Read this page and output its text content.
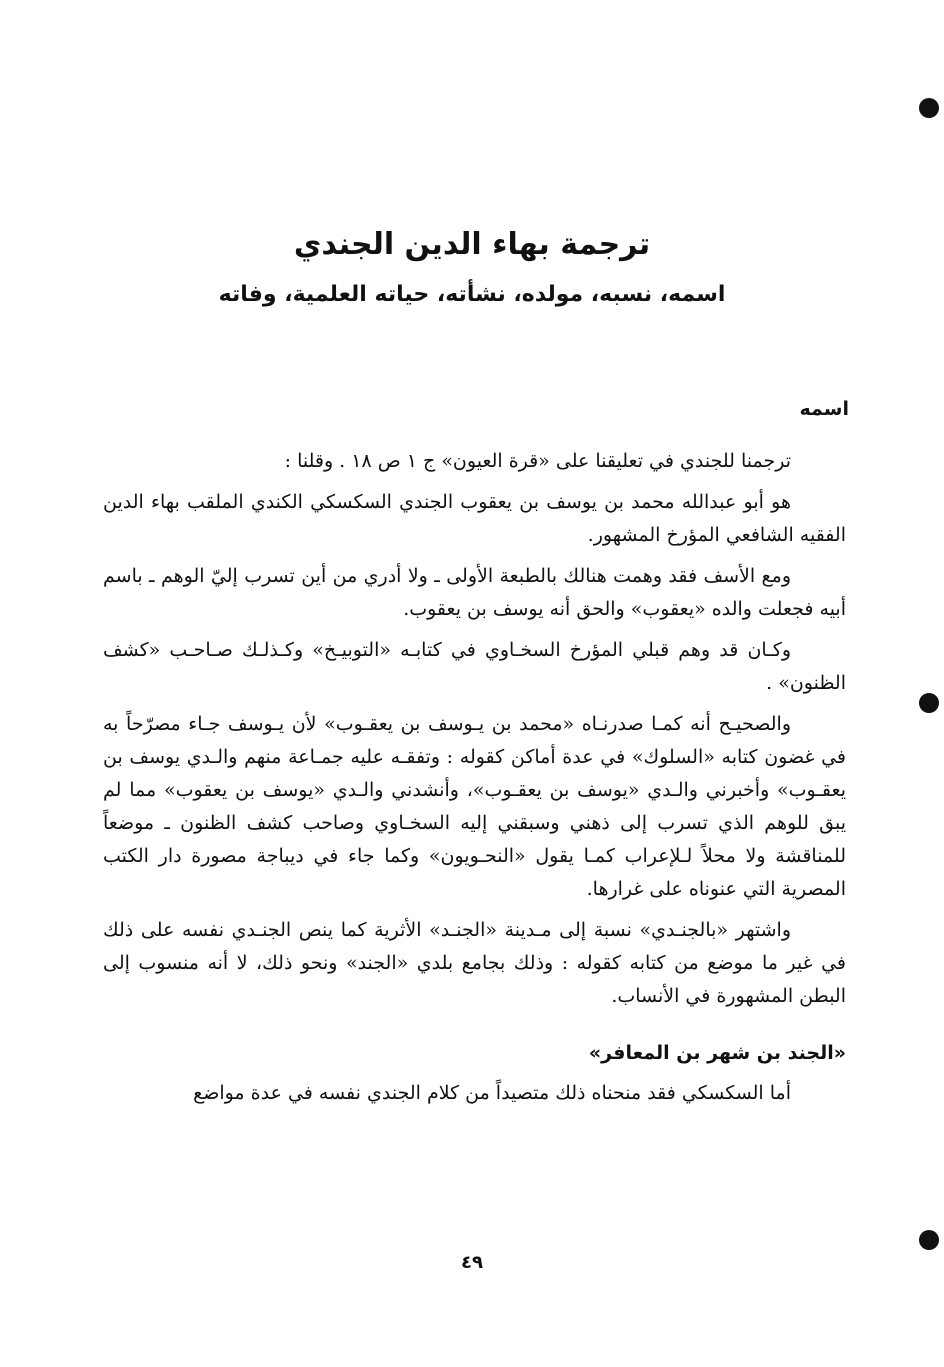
ترجمة بهاء الدين الجندي
اسمه، نسبه، مولده، نشأته، حياته العلمية، وفاته
اسمه

ترجمنا للجندي في تعليقنا على «قرة العيون» ج ١ ص ١٨ . وقلنا :

هو أبو عبدالله محمد بن يوسف بن يعقوب الجندي السكسكي الكندي الملقب بهاء الدين الفقيه الشافعي المؤرخ المشهور.

ومع الأسف فقد وهمت هنالك بالطبعة الأولى ـ ولا أدري من أين تسرب إليّ الوهم ـ باسم أبيه فجعلت والده «يعقوب» والحق أنه يوسف بن يعقوب.

وكـان قد وهم قبلي المؤرخ السخـاوي في كتابـه «التوبيـخ» وكـذلـك صـاحـب «كشف الظنون» .

والصحيـح أنه كمـا صدرنـاه «محمد بن يـوسف بن يعقـوب» لأن يـوسف جـاء مصرّحاً به في غضون كتابه «السلوك» في عدة أماكن كقوله : وتفقـه عليه جمـاعة منهم والـدي يوسف بن يعقـوب» وأخبرني والـدي «يوسف بن يعقـوب»، وأنشدني والـدي «يوسف بن يعقوب» مما لم يبق للوهم الذي تسرب إلى ذهني وسبقني إليه السخـاوي وصاحب كشف الظنون ـ موضعاً للمناقشة ولا محلاً لـلإعراب كمـا يقول «النحـويون» وكما جاء في ديباجة مصورة دار الكتب المصرية التي عنوناه على غرارها.

واشتهر «بالجنـدي» نسبة إلى مـدينة «الجنـد» الأثرية كما ينص الجنـدي نفسه على ذلك في غير ما موضع من كتابه كقوله : وذلك بجامع بلدي «الجند» ونحو ذلك، لا أنه منسوب إلى البطن المشهورة في الأنساب.

«الجند بن شهر بن المعافر»

أما السكسكي فقد منحناه ذلك متصيداً من كلام الجندي نفسه في عدة مواضع

٤٩
